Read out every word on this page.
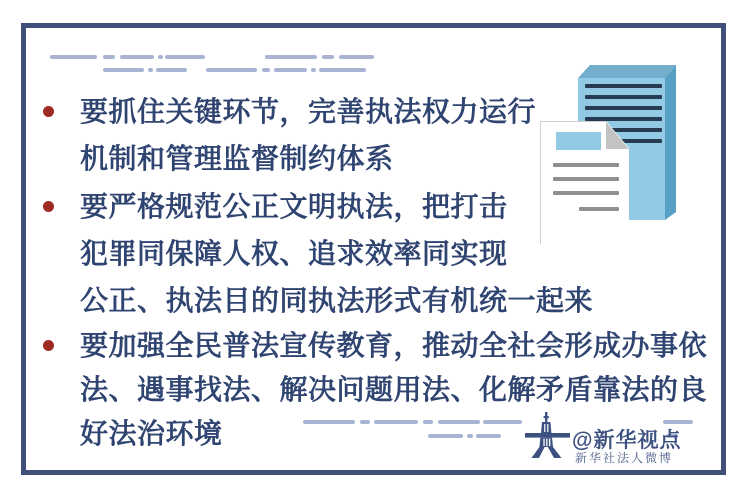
要抓住关键环节，完善执法权力运行
机制和管理监督制约体系
要严格规范公正文明执法，把打击
犯罪同保障人权、追求效率同实现
公正、执法目的同执法形式有机统一起来
要加强全民普法宣传教育，推动全社会形成办事依
法、遇事找法、解决问题用法、化解矛盾靠法的良
好法治环境	@新华视点
新华社法人微博
